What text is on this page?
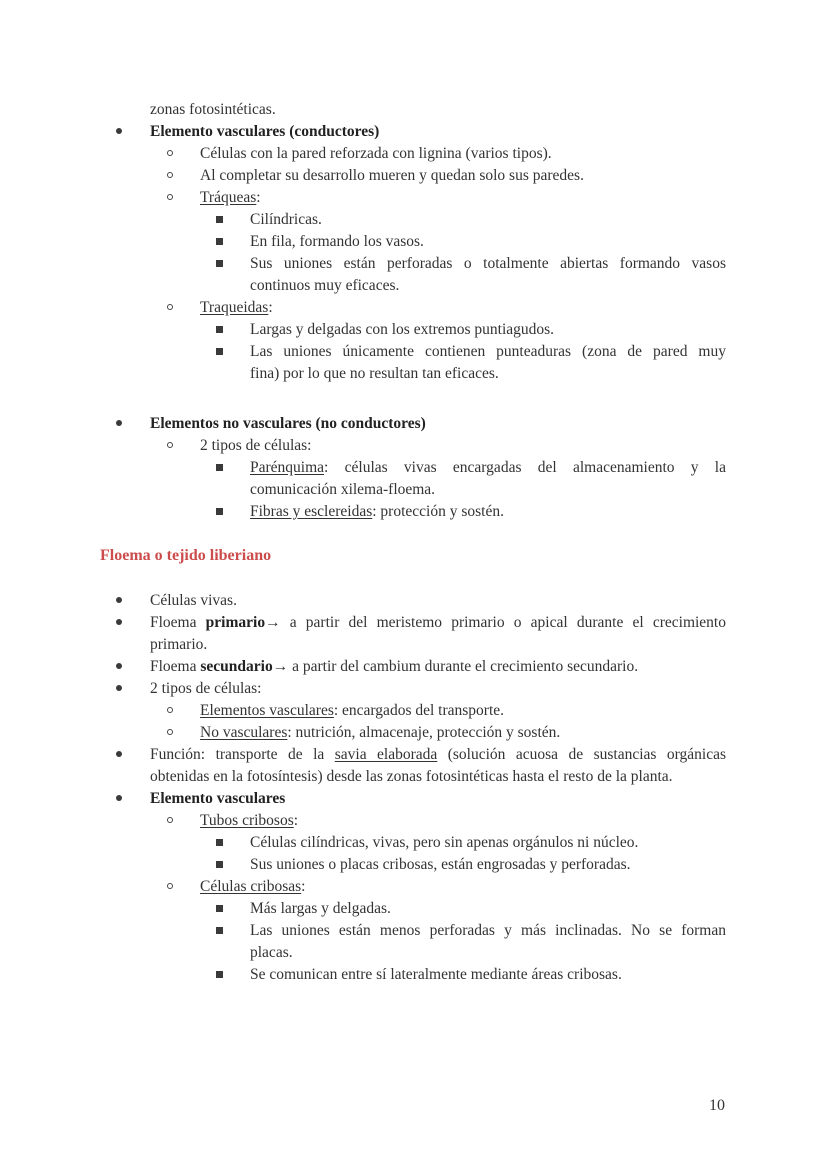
zonas fotosintéticas.
Elemento vasculares (conductores)
Células con la pared reforzada con lignina (varios tipos).
Al completar su desarrollo mueren y quedan solo sus paredes.
Tráqueas:
Cilíndricas.
En fila, formando los vasos.
Sus uniones están perforadas o totalmente abiertas formando vasos
continuos muy eficaces.
Traqueidas:
Largas y delgadas con los extremos puntiagudos.
Las uniones únicamente contienen punteaduras (zona de pared muy
fina) por lo que no resultan tan eficaces.
Elementos no vasculares (no conductores)
2 tipos de células:
Parénquima: células vivas encargadas del almacenamiento y la
comunicación xilema-floema.
Fibras y esclereidas: protección y sostén.
Floema o tejido liberiano
Células vivas.
Floema primario→ a partir del meristemo primario o apical durante el crecimiento
primario.
Floema secundario→ a partir del cambium durante el crecimiento secundario.
2 tipos de células:
Elementos vasculares: encargados del transporte.
No vasculares: nutrición, almacenaje, protección y sostén.
Función: transporte de la savia elaborada (solución acuosa de sustancias orgánicas
obtenidas en la fotosíntesis) desde las zonas fotosintéticas hasta el resto de la planta.
Elemento vasculares
Tubos cribosos:
Células cilíndricas, vivas, pero sin apenas orgánulos ni núcleo.
Sus uniones o placas cribosas, están engrosadas y perforadas.
Células cribosas:
Más largas y delgadas.
Las uniones están menos perforadas y más inclinadas. No se forman
placas.
Se comunican entre sí lateralmente mediante áreas cribosas.
10
